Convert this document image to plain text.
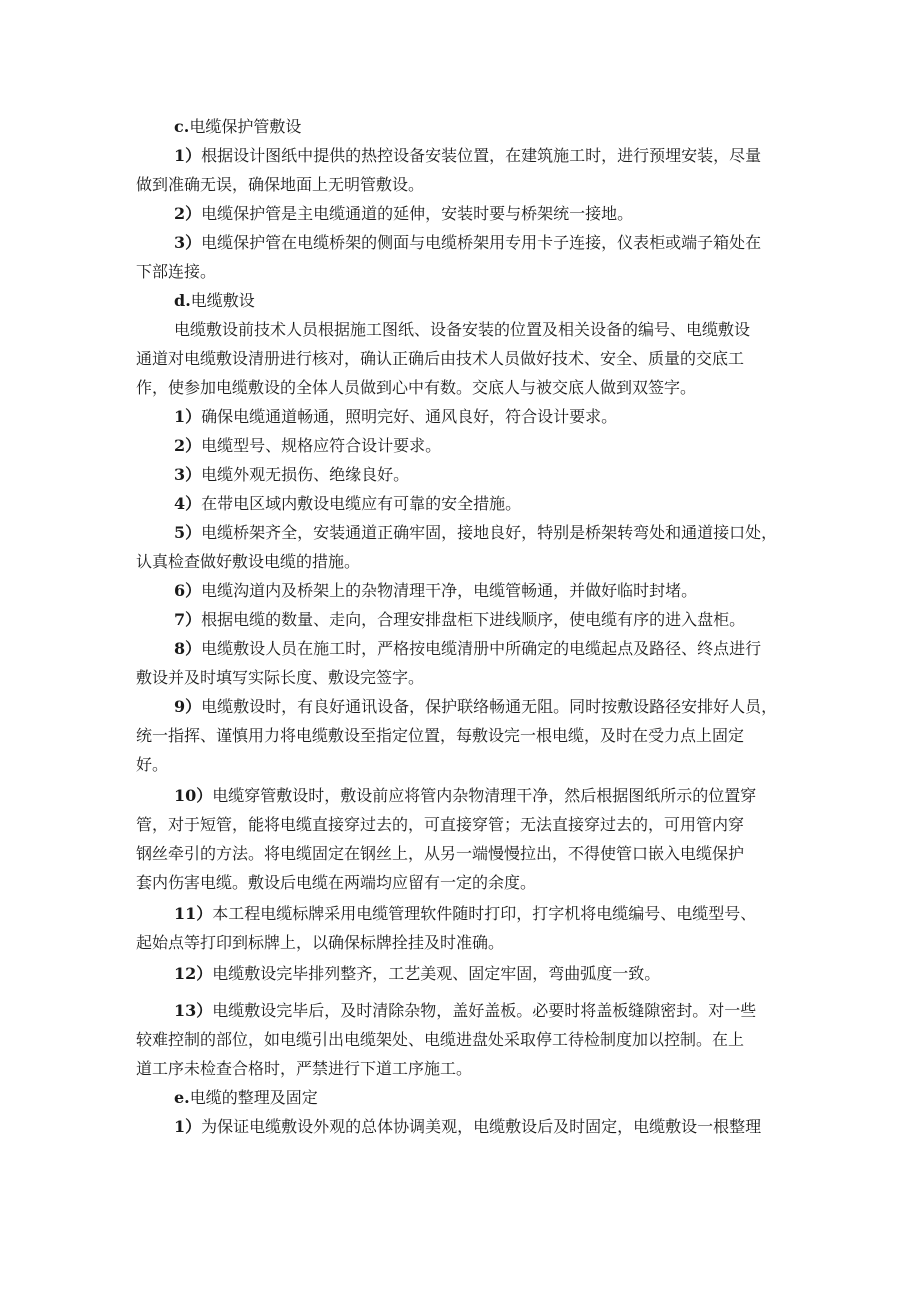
c.电缆保护管敷设

1）根据设计图纸中提供的热控设备安装位置，在建筑施工时，进行预埋安装，尽量

做到准确无误，确保地面上无明管敷设。

2）电缆保护管是主电缆通道的延伸，安装时要与桥架统一接地。

3）电缆保护管在电缆桥架的侧面与电缆桥架用专用卡子连接，仪表柜或端子箱处在

下部连接。

d.电缆敷设

电缆敷设前技术人员根据施工图纸、设备安装的位置及相关设备的编号、电缆敷设

通道对电缆敷设清册进行核对，确认正确后由技术人员做好技术、安全、质量的交底工

作，使参加电缆敷设的全体人员做到心中有数。交底人与被交底人做到双签字。

1）确保电缆通道畅通，照明完好、通风良好，符合设计要求。

2）电缆型号、规格应符合设计要求。

3）电缆外观无损伤、绝缘良好。

4）在带电区域内敷设电缆应有可靠的安全措施。

5）电缆桥架齐全，安装通道正确牢固，接地良好，特别是桥架转弯处和通道接口处，

认真检查做好敷设电缆的措施。

6）电缆沟道内及桥架上的杂物清理干净，电缆管畅通，并做好临时封堵。

7）根据电缆的数量、走向，合理安排盘柜下进线顺序，使电缆有序的进入盘柜。

8）电缆敷设人员在施工时，严格按电缆清册中所确定的电缆起点及路径、终点进行

敷设并及时填写实际长度、敷设完签字。

9）电缆敷设时，有良好通讯设备，保护联络畅通无阻。同时按敷设路径安排好人员，

统一指挥、谨慎用力将电缆敷设至指定位置，每敷设完一根电缆，及时在受力点上固定

好。

10）电缆穿管敷设时，敷设前应将管内杂物清理干净，然后根据图纸所示的位置穿

管，对于短管，能将电缆直接穿过去的，可直接穿管；无法直接穿过去的，可用管内穿

钢丝牵引的方法。将电缆固定在钢丝上，从另一端慢慢拉出，不得使管口嵌入电缆保护

套内伤害电缆。敷设后电缆在两端均应留有一定的余度。

11）本工程电缆标牌采用电缆管理软件随时打印，打字机将电缆编号、电缆型号、

起始点等打印到标牌上，以确保标牌拴挂及时准确。

12）电缆敷设完毕排列整齐，工艺美观、固定牢固，弯曲弧度一致。

13）电缆敷设完毕后，及时清除杂物，盖好盖板。必要时将盖板缝隙密封。对一些

较难控制的部位，如电缆引出电缆架处、电缆进盘处采取停工待检制度加以控制。在上

道工序未检查合格时，严禁进行下道工序施工。

e.电缆的整理及固定

1）为保证电缆敷设外观的总体协调美观，电缆敷设后及时固定，电缆敷设一根整理
